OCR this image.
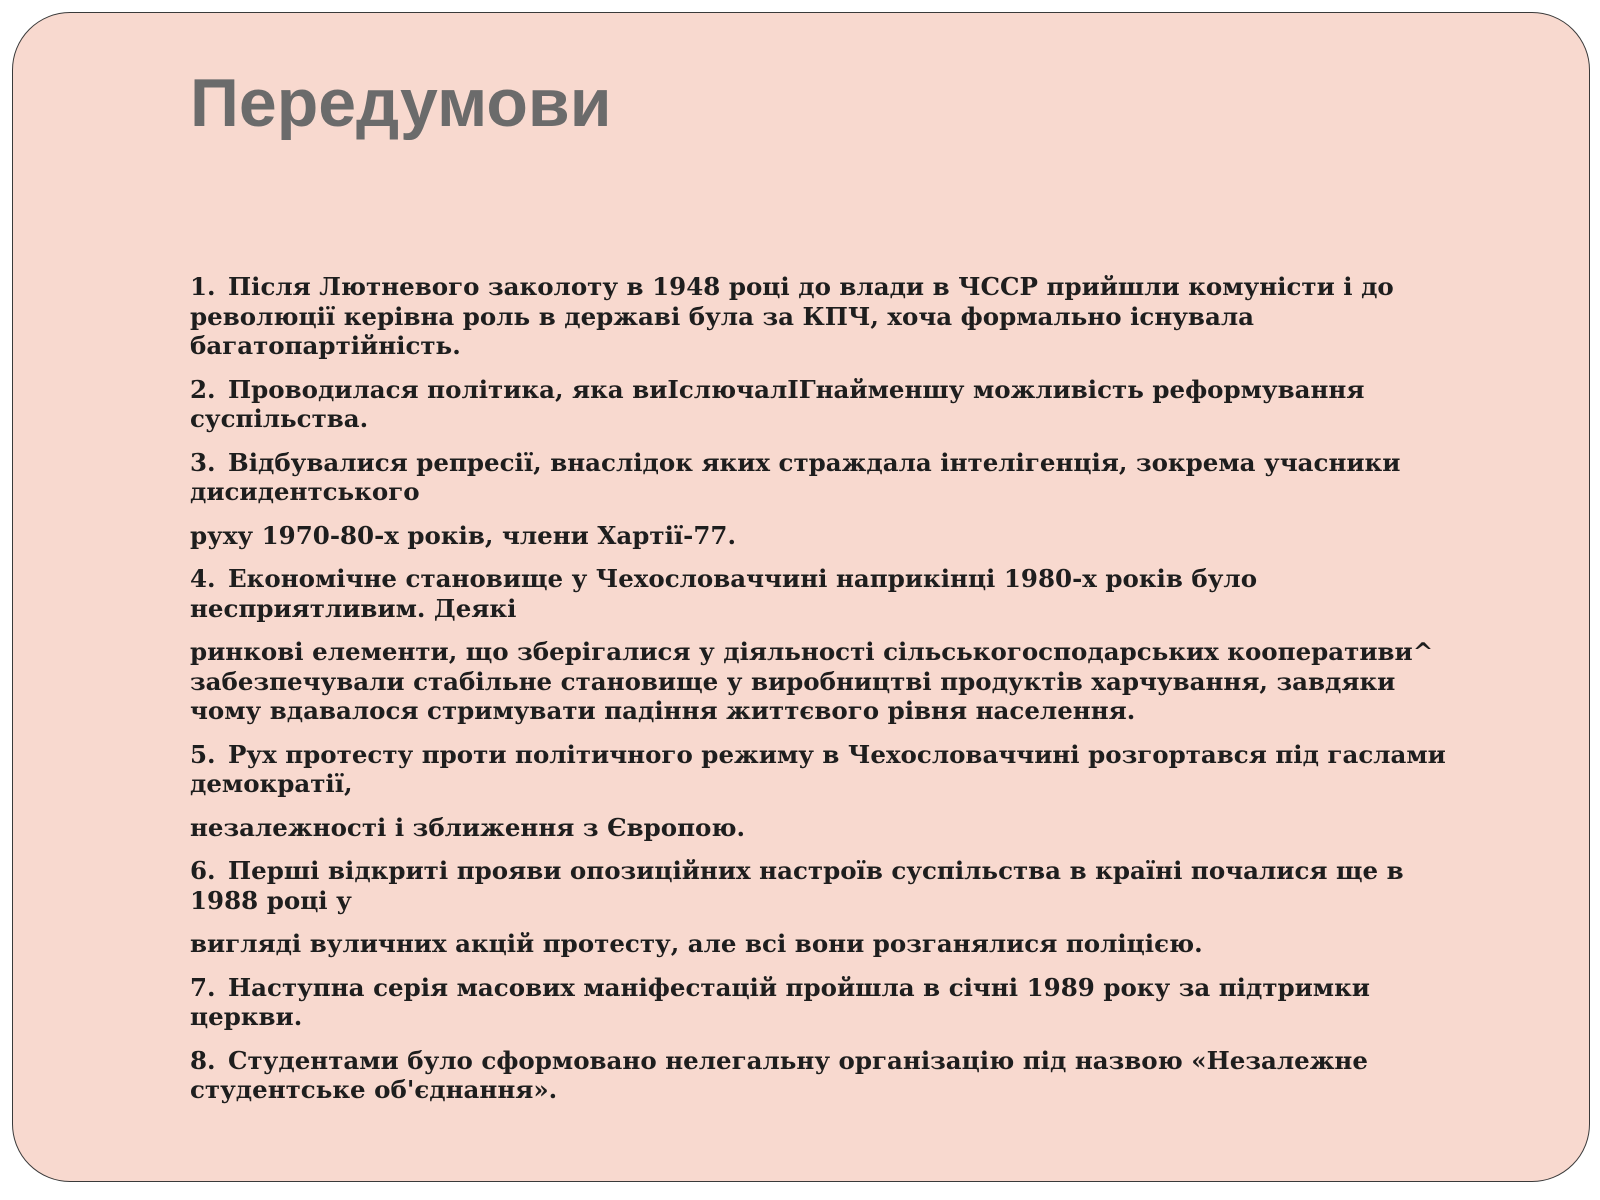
Передумови
1. Після Лютневого заколоту в 1948 році до влади в ЧССР прийшли комуністи і до
революції керівна роль в державі була за КПЧ, хоча формально існувала
багатопартійність.
2. Проводилася політика, яка виІслючалІГнайменшу можливість реформування
суспільства.
3. Відбувалися репресії, внаслідок яких страждала інтелігенція, зокрема учасники
дисидентського
руху 1970-80-х років, члени Хартії-77.
4. Економічне становище у Чехословаччині наприкінці 1980-х років було
несприятливим. Деякі
ринкові елементи, що зберігалися у діяльності сільськогосподарських кооперативи^
забезпечували стабільне становище у виробництві продуктів харчування, завдяки
чому вдавалося стримувати падіння життєвого рівня населення.
5. Рух протесту проти політичного режиму в Чехословаччині розгортався під гаслами
демократії,
незалежності і зближення з Європою.
6. Перші відкриті прояви опозиційних настроїв суспільства в країні почалися ще в
1988 році у
вигляді вуличних акцій протесту, але всі вони розганялися поліцією.
7. Наступна серія масових маніфестацій пройшла в січні 1989 року за підтримки
церкви.
8. Студентами було сформовано нелегальну організацію під назвою «Незалежне
студентське об'єднання».
